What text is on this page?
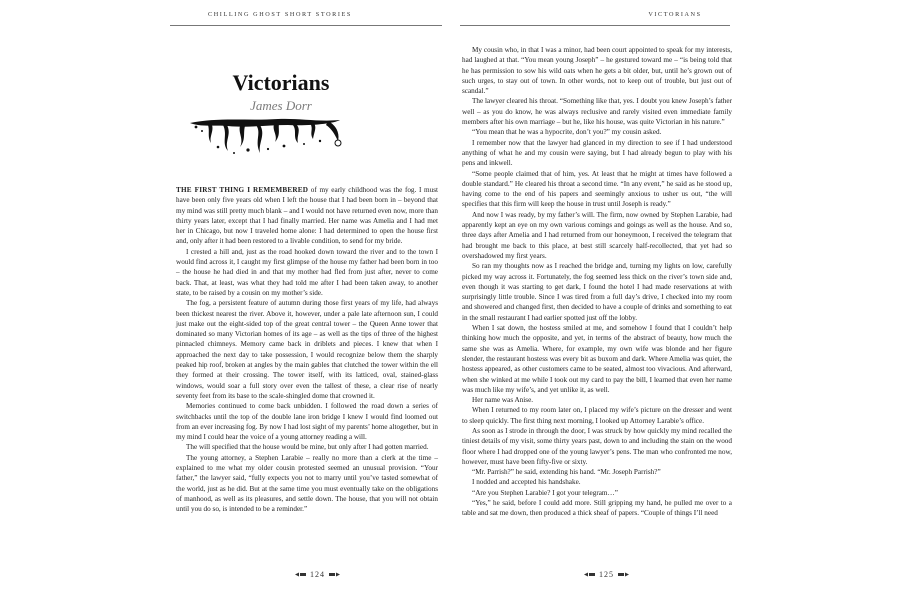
CHILLING GHOST SHORT STORIES
Victorians
James Dorr

THE FIRST THING I REMEMBERED of my early childhood was the fog. I must have been only five years old when I left the house that I had been born in – beyond that my mind was still pretty much blank – and I would not have returned even now, more than thirty years later, except that I had finally married. Her name was Amelia and I had met her in Chicago, but now I traveled home alone: I had determined to open the house first and, only after it had been restored to a livable condition, to send for my bride.

I crested a hill and, just as the road hooked down toward the river and to the town I would find across it, I caught my first glimpse of the house my father had been born in too – the house he had died in and that my mother had fled from just after, never to come back. That, at least, was what they had told me after I had been taken away, to another state, to be raised by a cousin on my mother’s side.

The fog, a persistent feature of autumn during those first years of my life, had always been thickest nearest the river. Above it, however, under a pale late afternoon sun, I could just make out the eight-sided top of the great central tower – the Queen Anne tower that dominated so many Victorian homes of its age – as well as the tips of three of the highest pinnacled chimneys. Memory came back in driblets and pieces. I knew that when I approached the next day to take possession, I would recognize below them the sharply peaked hip roof, broken at angles by the main gables that clutched the tower within the ell they formed at their crossing. The tower itself, with its latticed, oval, stained-glass windows, would soar a full story over even the tallest of these, a clear rise of nearly seventy feet from its base to the scale-shingled dome that crowned it.

Memories continued to come back unbidden. I followed the road down a series of switchbacks until the top of the double lane iron bridge I knew I would find loomed out from an ever increasing fog. By now I had lost sight of my parents’ home altogether, but in my mind I could hear the voice of a young attorney reading a will.

The will specified that the house would be mine, but only after I had gotten married.

The young attorney, a Stephen Larabie – really no more than a clerk at the time – explained to me what my older cousin protested seemed an unusual provision. “Your father,” the lawyer said, “fully expects you not to marry until you’ve tasted somewhat of the world, just as he did. But at the same time you must eventually take on the obligations of manhood, as well as its pleasures, and settle down. The house, that you will not obtain until you do so, is intended to be a reminder.”

124
VICTORIANS

My cousin who, in that I was a minor, had been court appointed to speak for my interests, had laughed at that. “You mean young Joseph” – he gestured toward me – “is being told that he has permission to sow his wild oats when he gets a bit older, but, until he’s grown out of such urges, to stay out of town. In other words, not to keep out of trouble, but just out of scandal.”

The lawyer cleared his throat. “Something like that, yes. I doubt you knew Joseph’s father well – as you do know, he was always reclusive and rarely visited even immediate family members after his own marriage – but he, like his house, was quite Victorian in his nature.”

“You mean that he was a hypocrite, don’t you?” my cousin asked.

I remember now that the lawyer had glanced in my direction to see if I had understood anything of what he and my cousin were saying, but I had already begun to play with his pens and inkwell.

“Some people claimed that of him, yes. At least that he might at times have followed a double standard.” He cleared his throat a second time. “In any event,” he said as he stood up, having come to the end of his papers and seemingly anxious to usher us out, “the will specifies that this firm will keep the house in trust until Joseph is ready.”

And now I was ready, by my father’s will. The firm, now owned by Stephen Larabie, had apparently kept an eye on my own various comings and goings as well as the house. And so, three days after Amelia and I had returned from our honeymoon, I received the telegram that had brought me back to this place, at best still scarcely half-recollected, that yet had so overshadowed my first years.

So ran my thoughts now as I reached the bridge and, turning my lights on low, carefully picked my way across it. Fortunately, the fog seemed less thick on the river’s town side and, even though it was starting to get dark, I found the hotel I had made reservations at with surprisingly little trouble. Since I was tired from a full day’s drive, I checked into my room and showered and changed first, then decided to have a couple of drinks and something to eat in the small restaurant I had earlier spotted just off the lobby.

When I sat down, the hostess smiled at me, and somehow I found that I couldn’t help thinking how much the opposite, and yet, in terms of the abstract of beauty, how much the same she was as Amelia. Where, for example, my own wife was blonde and her figure slender, the restaurant hostess was every bit as buxom and dark. Where Amelia was quiet, the hostess appeared, as other customers came to be seated, almost too vivacious. And afterward, when she winked at me while I took out my card to pay the bill, I learned that even her name was much like my wife’s, and yet unlike it, as well.

Her name was Anise.

When I returned to my room later on, I placed my wife’s picture on the dresser and went to sleep quickly. The first thing next morning, I looked up Attorney Larabie’s office.

As soon as I strode in through the door, I was struck by how quickly my mind recalled the tiniest details of my visit, some thirty years past, down to and including the stain on the wood floor where I had dropped one of the young lawyer’s pens. The man who confronted me now, however, must have been fifty-five or sixty.

“Mr. Parrish?” he said, extending his hand. “Mr. Joseph Parrish?”

I nodded and accepted his handshake.

“Are you Stephen Larabie? I got your telegram…”

“Yes,” he said, before I could add more. Still gripping my hand, he pulled me over to a table and sat me down, then produced a thick sheaf of papers. “Couple of things I’ll need

125
